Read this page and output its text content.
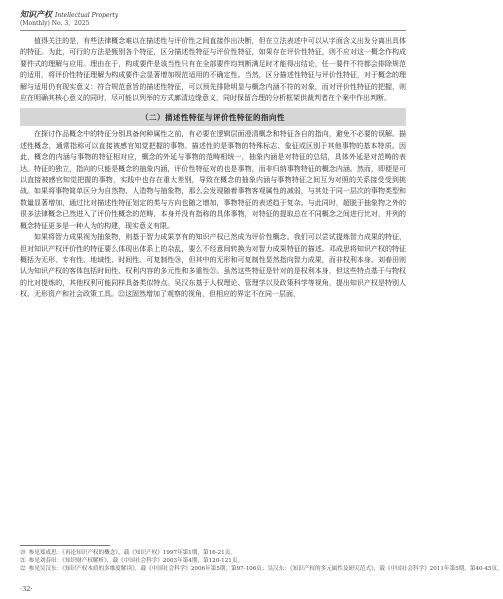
知识产权 Intellectual Property
(Monthly) No. 3，2025

值得关注的是，有些法律概念难以在描述性与评价性之间直接作出决断，但在立法表述中可以从字面含义出发分离出具体的特征。为此，可行的方法是甄别各个特征，区分描述性特征与评价性特征，如果存在评价性特征，则不应对这一概念作构成要件式的理解与应用。理由在于，构成要件是该当性只有在全部要件均判断满足时才能得出结论，任一要件不符都会排除规范的适用，将评价性特征理解为构成要件会显著增加规范适用的不确定性。当然，区分描述性特征与评价性特征，对于概念的理解与适用仍有现实意义：符合规范意旨的描述性特征，可以预先排除明显与概念内涵不符的对象，而对评价性特征的把握，则应在明确其核心意义的同时，尽可能以列举的方式廓清边缘意义，同时保留合理的分析框架供裁判者在个案中作出判断。

（二）描述性特征与评价性特征的指向性

在探讨作品概念中的特征分别具备何种属性之前，有必要在逻辑层面澄清概念和特征各自的指向，避免不必要的误解。描述性概念，通常指称可以直接被感官知觉把握的事物。描述性的是事物的特殊标志、象征或区别于其他事物的基本特质。因此，概念的内涵与事物的特征相对应，概念的外延与事物的范畴相统一，抽象内涵是对特征的总结，具体外延是对范畴的表达。特征的独立，指向的只能是概念的抽象内涵，评价性特征对的也是事物，而非归纳事物特征的概念内涵。然而，即便是可以直接被感官知觉把握的事物，实践中也存在重大差别，导致在概念的抽象内涵与事物特征之间互为对照的关系接受受到挑战。如果将事物简单区分为自然物、人造物与抽象物，那么会发现随着事物客观属性的减弱，与其处于同一层次的事物类型和数量显著增加，通过比对描述性特征划定的类与方向也随之增加，事物特征的表述趋于复杂。与此同时，超脱于抽象物之外的很多法律概念已然进入了评价性概念的范畴，本身并没有指称的具体事物，对特征的提取总在不同概念之间进行比对，并列的概念特征更多是一种人为的构建，现实意义有限。

如果将智力成果视为抽象物，则基于智力成果享有的知识产权已然成为评价性概念。我们可以尝试提炼智力成果的特征，但对知识产权评价性的特征要么体现出体系上的杂乱，要么不经意间转换为对智力成果特征的描述。邓成思将知识产权的特征概括为无形、专有性、地域性、时间性、可复制性⑳，但其中的无形和可复制性显然指向智力成果，而非权利本身。刘春田则认为知识产权的客体包括时间性、权利内容的多元性和多重性㉑。虽然这些特征是针对的是权利本身，但这些特点基于与物权的比对提炼的，其他权利可能同样具备类似特点。吴汉东基于人权理论、管理学以及政策科学等视角，提出知识产权是特别人权、无形资产和社会政策工具。㉒这固然增加了观察的视角，但相应的界定不在同一层面，

⑳ 参见郑成思：《再论知识产权的概念》，载《知识产权》1997年第1期，第16-21页。
㉑ 参见刘春田：《知识财产权解析》，载《中国社会科学》2003年第4期，第120-121页。
㉒ 参见吴汉东：《知识产权本质的多维度解读》，载《中国社会科学》2006年第5期，第97-106页；吴汉东：《知识产权的多元属性及研究范式》，载《中国社会科学》2011年第5期，第40-45页。
·32·
